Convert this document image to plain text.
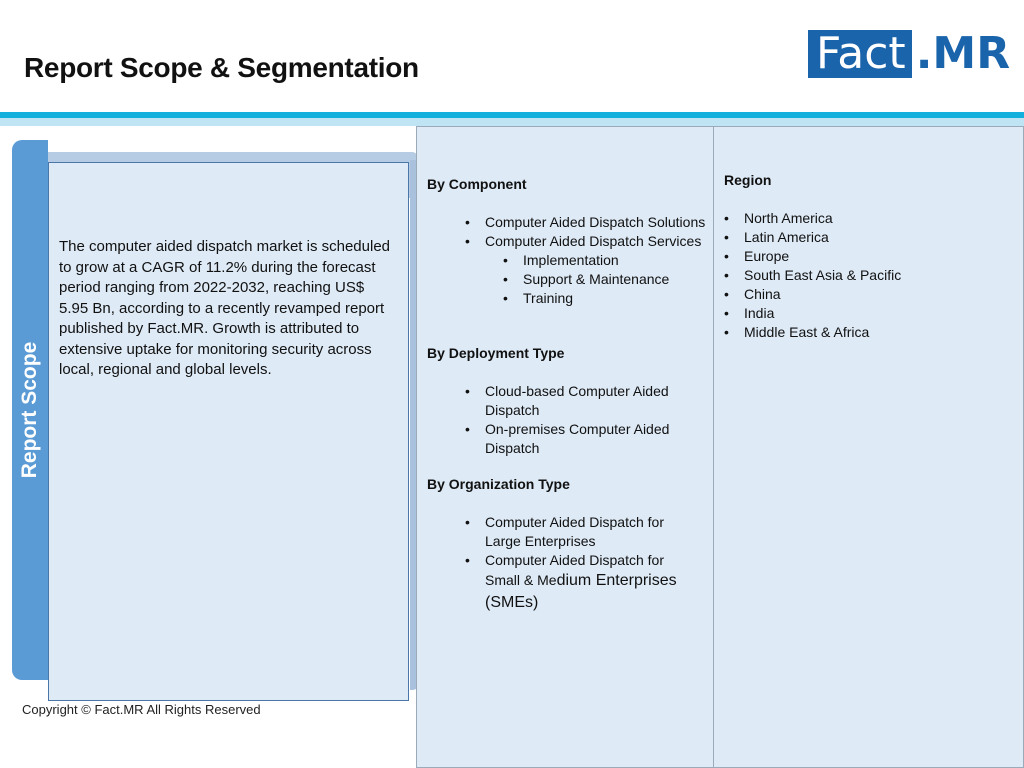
Report Scope & Segmentation	Fact .MR
Report Scope

The computer aided dispatch market is scheduled to grow at a CAGR of 11.2% during the forecast period ranging from 2022-2032, reaching US$ 5.95 Bn, according to a recently revamped report published by Fact.MR. Growth is attributed to extensive uptake for monitoring security across local, regional and global levels.

By Component
• Computer Aided Dispatch Solutions
• Computer Aided Dispatch Services
• Implementation
• Support & Maintenance
• Training
By Deployment Type
• Cloud-based Computer Aided Dispatch
• On-premises Computer Aided Dispatch
By Organization Type
• Computer Aided Dispatch for Large Enterprises
• Computer Aided Dispatch for Small & Medium Enterprises (SMEs)
Region
• North America
• Latin America
• Europe
• South East Asia & Pacific
• China
• India
• Middle East & Africa
Copyright © Fact.MR All Rights Reserved
